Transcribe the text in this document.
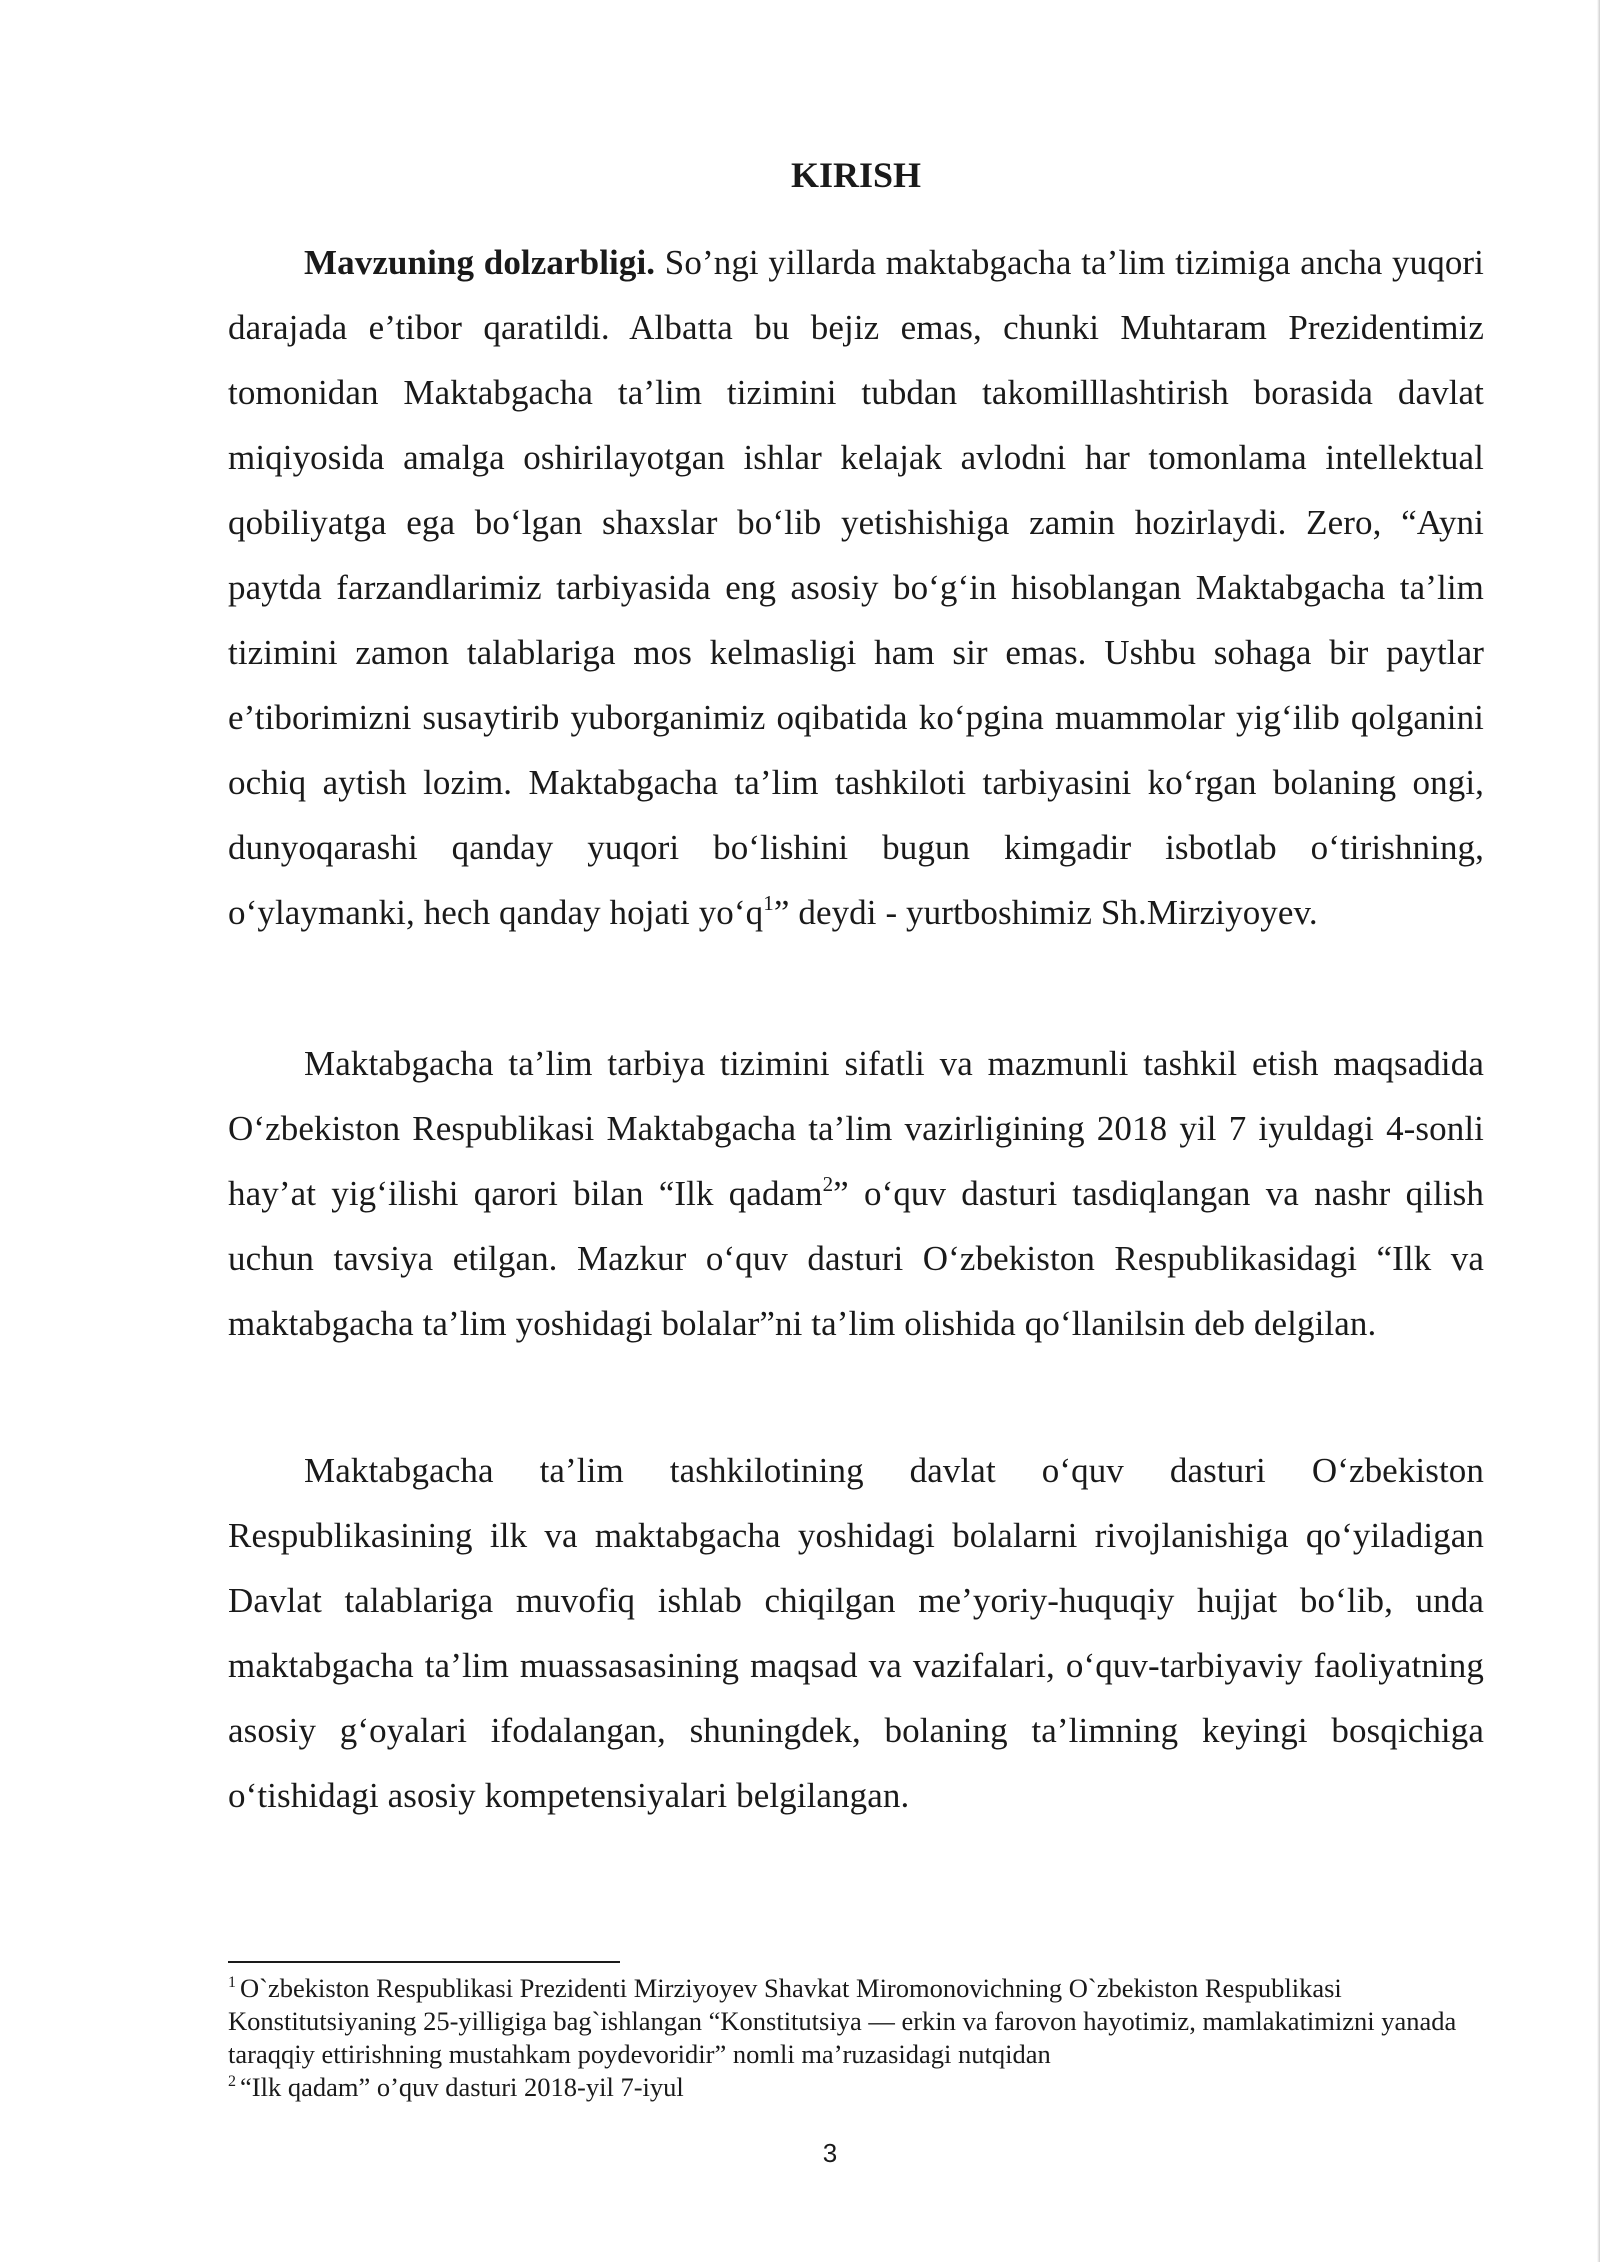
KIRISH

Mavzuning dolzarbligi. So’ngi yillarda maktabgacha ta’lim tizimiga ancha yuqori darajada e’tibor qaratildi. Albatta bu bejiz emas, chunki Muhtaram Prezidentimiz tomonidan Maktabgacha ta’lim tizimini tubdan takomilllashtirish borasida davlat miqiyosida amalga oshirilayotgan ishlar kelajak avlodni har tomonlama intellektual qobiliyatga ega boʻlgan shaxslar boʻlib yetishishiga zamin hozirlaydi. Zero, “Ayni paytda farzandlarimiz tarbiyasida eng asosiy boʻgʻin hisoblangan Maktabgacha ta’lim tizimini zamon talablariga mos kelmasligi ham sir emas. Ushbu sohaga bir paytlar e’tiborimizni susaytirib yuborganimiz oqibatida koʻpgina muammolar yigʻilib qolganini ochiq aytish lozim. Maktabgacha ta’lim tashkiloti tarbiyasini koʻrgan bolaning ongi, dunyoqarashi qanday yuqori boʻlishini bugun kimgadir isbotlab oʻtirishning, oʻylaymanki, hech qanday hojati yoʻq$^1$” deydi - yurtboshimiz Sh.Mirziyoyev.

Maktabgacha ta’lim tarbiya tizimini sifatli va mazmunli tashkil etish maqsadida Oʻzbekiston Respublikasi Maktabgacha ta’lim vazirligining 2018 yil 7 iyuldagi 4-sonli hay’at yigʻilishi qarori bilan “Ilk qadam$^2$” oʻquv dasturi tasdiqlangan va nashr qilish uchun tavsiya etilgan. Mazkur oʻquv dasturi Oʻzbekiston Respublikasidagi “Ilk va maktabgacha ta’lim yoshidagi bolalar”ni ta’lim olishida qoʻllanilsin deb delgilan.

Maktabgacha ta’lim tashkilotining davlat oʻquv dasturi Oʻzbekiston Respublikasining ilk va maktabgacha yoshidagi bolalarni rivojlanishiga qoʻyiladigan Davlat talablariga muvofiq ishlab chiqilgan me’yoriy-huquqiy hujjat boʻlib, unda maktabgacha ta’lim muassasasining maqsad va vazifalari, oʻquv-tarbiyaviy faoliyatning asosiy gʻoyalari ifodalangan, shuningdek, bolaning ta’limning keyingi bosqichiga oʻtishidagi asosiy kompetensiyalari belgilangan.

$^1$ O`zbekiston Respublikasi Prezidenti Mirziyoyev Shavkat Miromonovichning O`zbekiston Respublikasi Konstitutsiyaning 25-yilligiga bag`ishlangan “Konstitutsiya — erkin va farovon hayotimiz, mamlakatimizni yanada taraqqiy ettirishning mustahkam poydevoridir” nomli ma’ruzasidagi nutqidan

$^2$ “Ilk qadam” o’quv dasturi 2018-yil 7-iyul

3
